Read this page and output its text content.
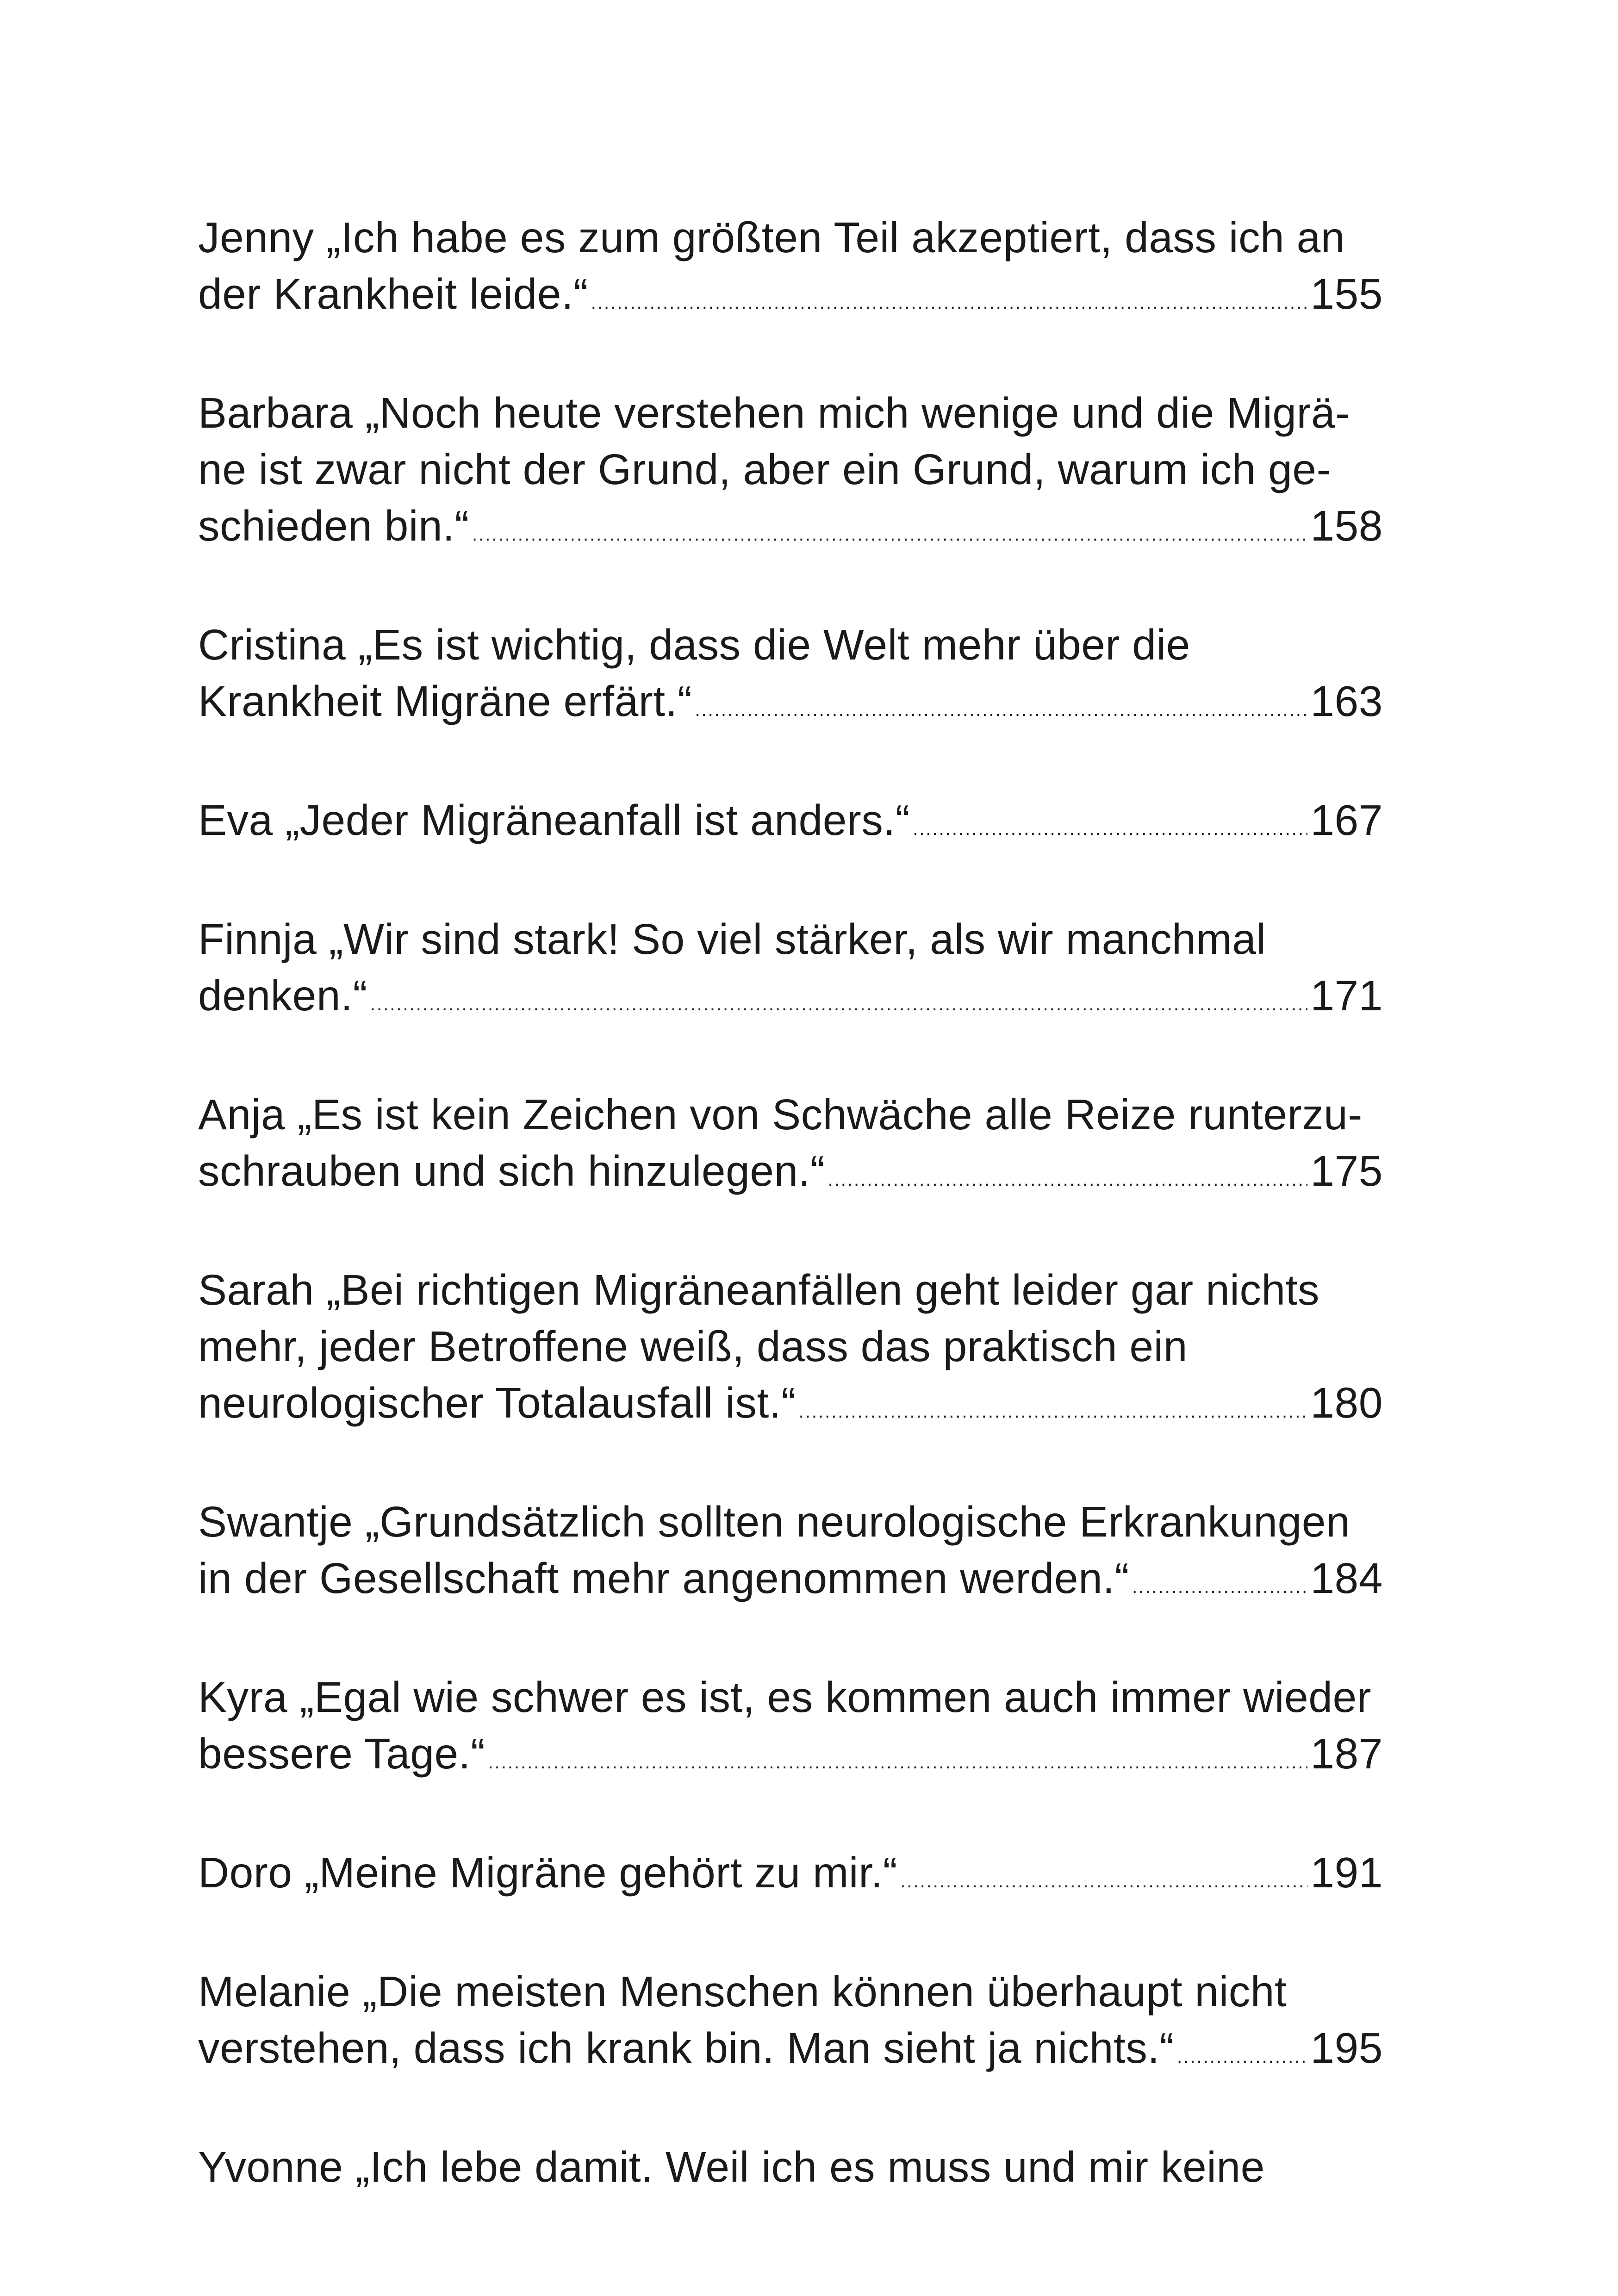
Jenny „Ich habe es zum größten Teil akzeptiert, dass ich an
der Krankheit leide.“ .....	155
Barbara „Noch heute verstehen mich wenige und die Migrä-
ne ist zwar nicht der Grund, aber ein Grund, warum ich ge-
schieden bin.“ .....	158
Cristina „Es ist wichtig, dass die Welt mehr über die
Krankheit Migräne erfärt.“ .....	163
Eva „Jeder Migräneanfall ist anders.“ .....	167
Finnja „Wir sind stark! So viel stärker, als wir manchmal
denken.“ .....	171
Anja „Es ist kein Zeichen von Schwäche alle Reize runterzu-
schrauben und sich hinzulegen.“ .....	175
Sarah „Bei richtigen Migräneanfällen geht leider gar nichts
mehr, jeder Betroffene weiß, dass das praktisch ein
neurologischer Totalausfall ist.“ .....	180
Swantje „Grundsätzlich sollten neurologische Erkrankungen
in der Gesellschaft mehr angenommen werden.“ .....	184
Kyra „Egal wie schwer es ist, es kommen auch immer wieder
bessere Tage.“ .....	187
Doro „Meine Migräne gehört zu mir.“ .....	191
Melanie „Die meisten Menschen können überhaupt nicht
verstehen, dass ich krank bin. Man sieht ja nichts.“ .....	195
Yvonne „Ich lebe damit. Weil ich es muss und mir keine
